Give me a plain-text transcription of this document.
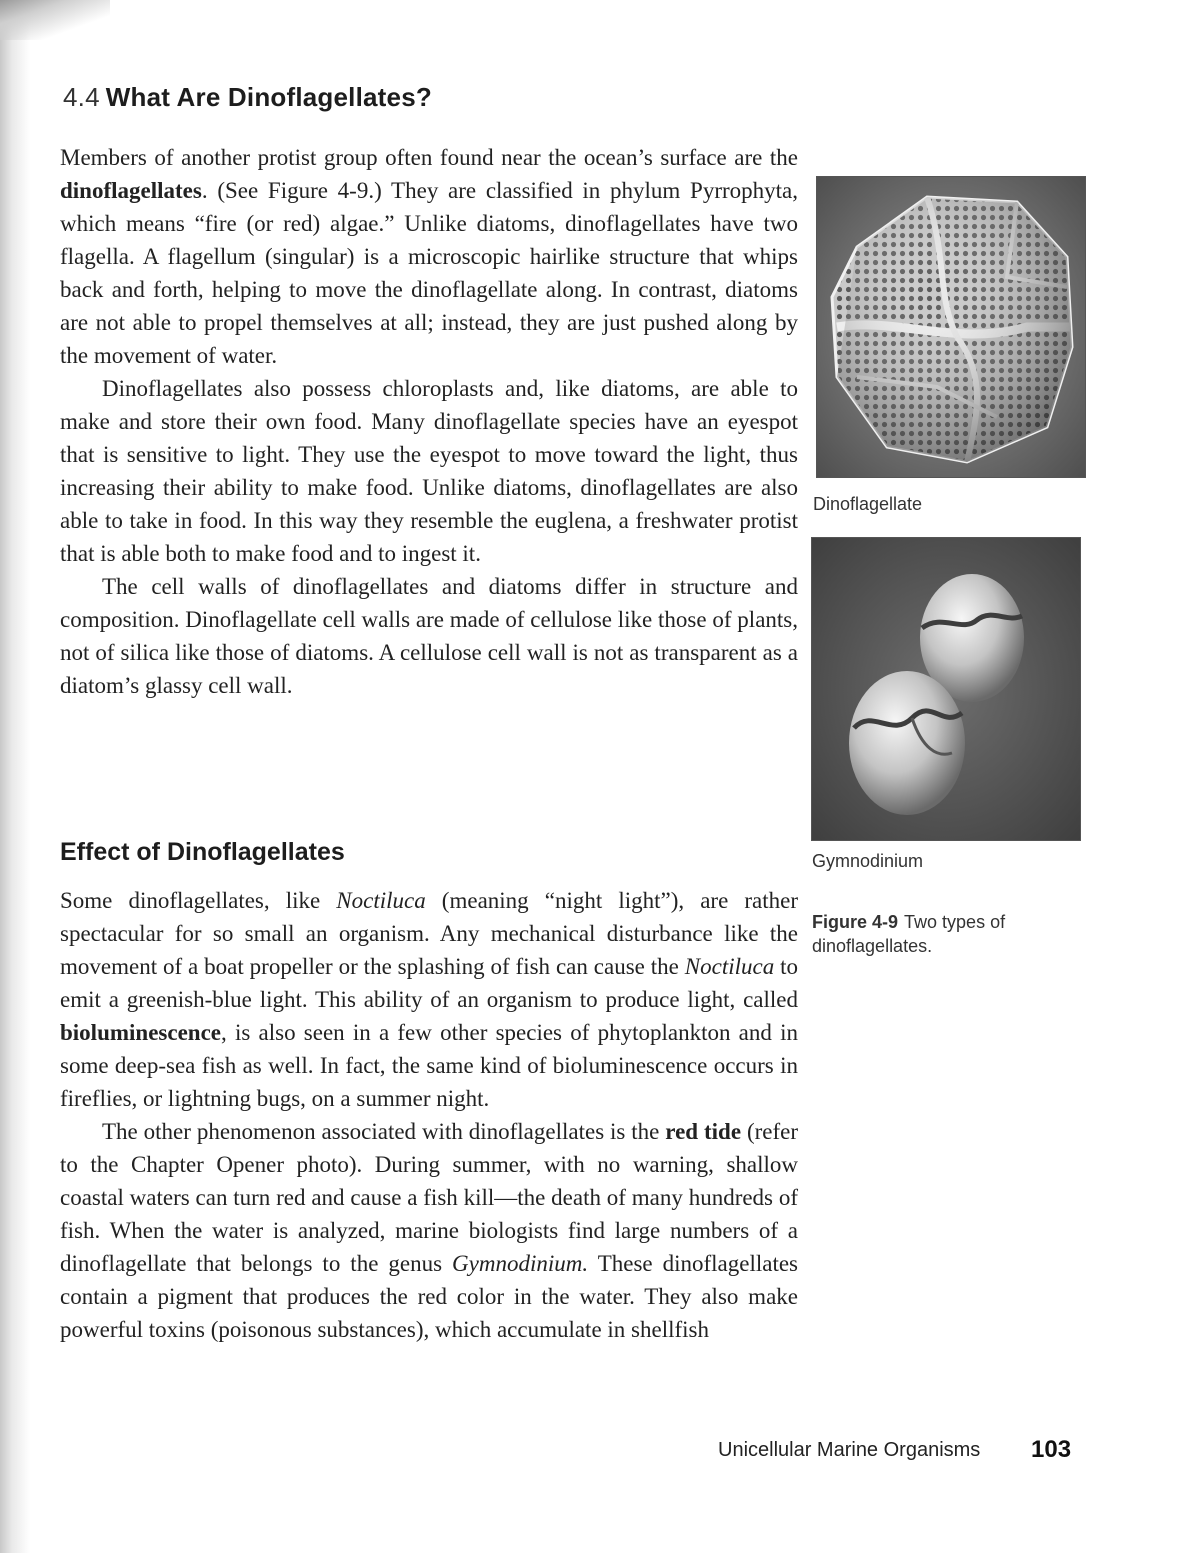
4.4 What Are Dinoflagellates?

Members of another protist group often found near the ocean’s surface are the dinoflagellates. (See Figure 4-9.) They are classified in phylum Pyrrophyta, which means “fire (or red) algae.” Unlike diatoms, dinoflagellates have two flagella. A flagellum (singular) is a microscopic hairlike structure that whips back and forth, helping to move the dinoflagellate along. In contrast, diatoms are not able to propel themselves at all; instead, they are just pushed along by the movement of water.

Dinoflagellates also possess chloroplasts and, like diatoms, are able to make and store their own food. Many dinoflagellate species have an eyespot that is sensitive to light. They use the eyespot to move toward the light, thus increasing their ability to make food. Unlike diatoms, dinoflagellates are also able to take in food. In this way they resemble the euglena, a freshwater protist that is able both to make food and to ingest it.

The cell walls of dinoflagellates and diatoms differ in structure and composition. Dinoflagellate cell walls are made of cellulose like those of plants, not of silica like those of diatoms. A cellulose cell wall is not as transparent as a diatom’s glassy cell wall.

Effect of Dinoflagellates

Some dinoflagellates, like Noctiluca (meaning “night light”), are rather spectacular for so small an organism. Any mechanical disturbance like the movement of a boat propeller or the splashing of fish can cause the Noctiluca to emit a greenish-blue light. This ability of an organism to produce light, called bioluminescence, is also seen in a few other species of phytoplankton and in some deep-sea fish as well. In fact, the same kind of bioluminescence occurs in fireflies, or lightning bugs, on a summer night.

The other phenomenon associated with dinoflagellates is the red tide (refer to the Chapter Opener photo). During summer, with no warning, shallow coastal waters can turn red and cause a fish kill—the death of many hundreds of fish. When the water is analyzed, marine biologists find large numbers of a dinoflagellate that belongs to the genus Gymnodinium. These dinoflagellates contain a pigment that produces the red color in the water. They also make powerful toxins (poisonous substances), which accumulate in shellfish

Dinoflagellate
Gymnodinium
Figure 4-9 Two types of dinoflagellates.
Unicellular Marine Organisms 103
